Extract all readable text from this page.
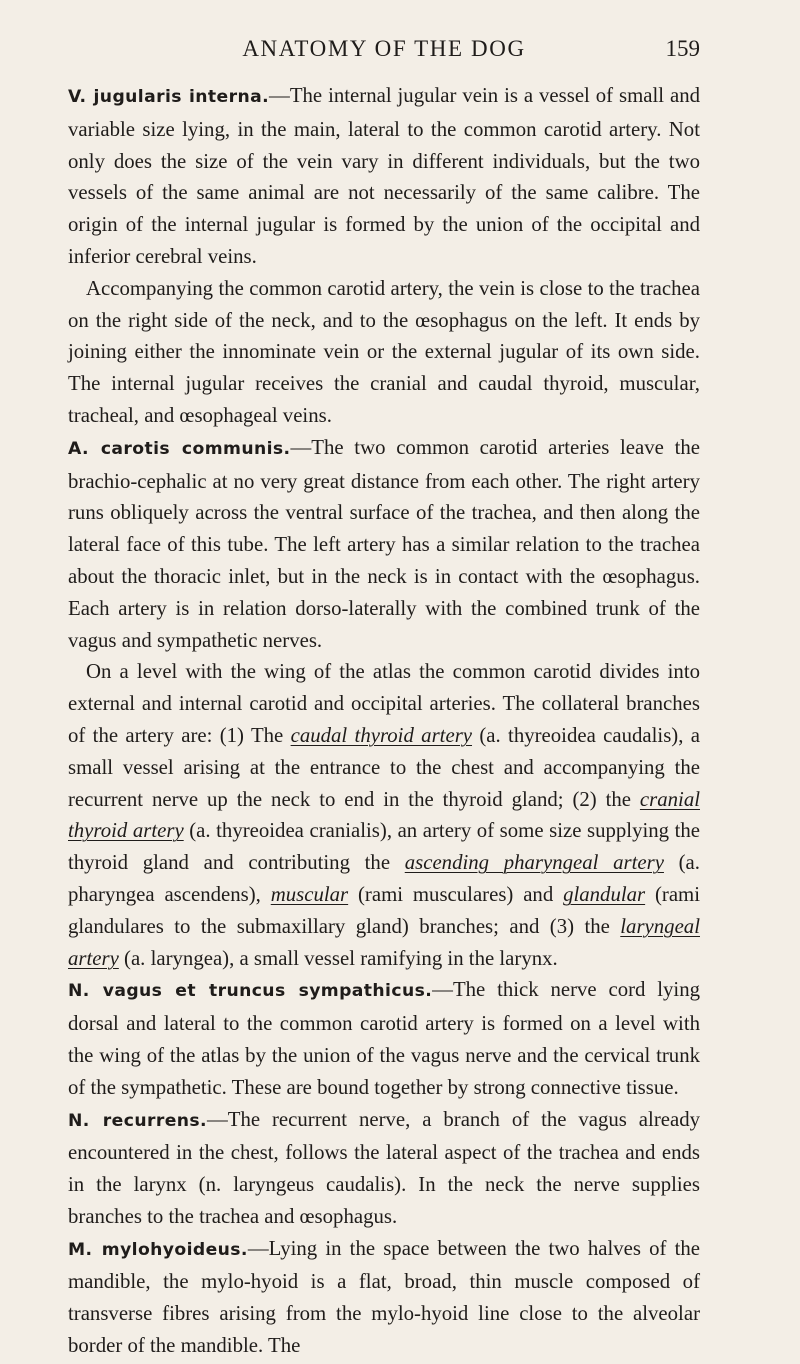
ANATOMY OF THE DOG	159

V. jugularis interna.—The internal jugular vein is a vessel of small and variable size lying, in the main, lateral to the common carotid artery. Not only does the size of the vein vary in different individuals, but the two vessels of the same animal are not necessarily of the same calibre. The origin of the internal jugular is formed by the union of the occipital and inferior cerebral veins.

Accompanying the common carotid artery, the vein is close to the trachea on the right side of the neck, and to the œsophagus on the left. It ends by joining either the innominate vein or the external jugular of its own side. The internal jugular receives the cranial and caudal thyroid, muscular, tracheal, and œsophageal veins.

A. carotis communis.—The two common carotid arteries leave the brachio-cephalic at no very great distance from each other. The right artery runs obliquely across the ventral surface of the trachea, and then along the lateral face of this tube. The left artery has a similar relation to the trachea about the thoracic inlet, but in the neck is in contact with the œsophagus. Each artery is in relation dorso-laterally with the combined trunk of the vagus and sympathetic nerves.

On a level with the wing of the atlas the common carotid divides into external and internal carotid and occipital arteries. The collateral branches of the artery are: (1) The caudal thyroid artery (a. thyreoidea caudalis), a small vessel arising at the entrance to the chest and accompanying the recurrent nerve up the neck to end in the thyroid gland; (2) the cranial thyroid artery (a. thyreoidea cranialis), an artery of some size supplying the thyroid gland and contributing the ascending pharyngeal artery (a. pharyngea ascendens), muscular (rami musculares) and glandular (rami glandulares to the submaxillary gland) branches; and (3) the laryngeal artery (a. laryngea), a small vessel ramifying in the larynx.

N. vagus et truncus sympathicus.—The thick nerve cord lying dorsal and lateral to the common carotid artery is formed on a level with the wing of the atlas by the union of the vagus nerve and the cervical trunk of the sympathetic. These are bound together by strong connective tissue.

N. recurrens.—The recurrent nerve, a branch of the vagus already encountered in the chest, follows the lateral aspect of the trachea and ends in the larynx (n. laryngeus caudalis). In the neck the nerve supplies branches to the trachea and œsophagus.

M. mylohyoideus.—Lying in the space between the two halves of the mandible, the mylo-hyoid is a flat, broad, thin muscle composed of transverse fibres arising from the mylo-hyoid line close to the alveolar border of the mandible. The
